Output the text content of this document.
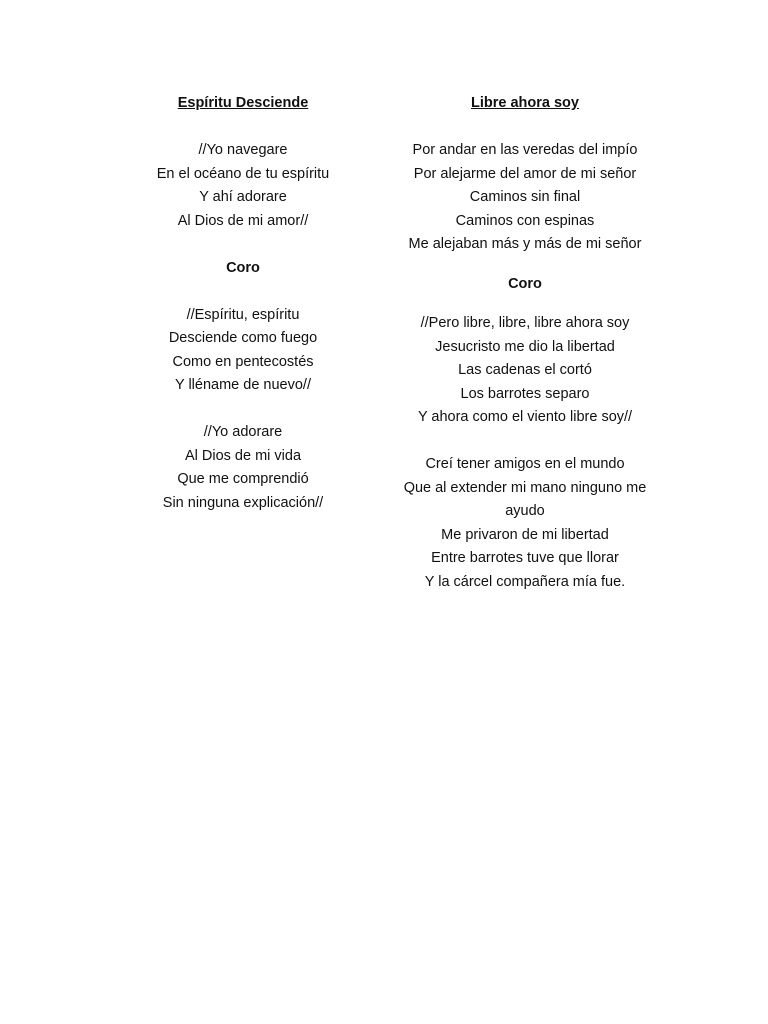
Espíritu Desciende
//Yo navegare
En el océano de tu espíritu
Y ahí adorare
Al Dios de mi amor//
Coro
//Espíritu, espíritu
Desciende como fuego
Como en pentecostés
Y lléname de nuevo//
//Yo adorare
Al Dios de mi vida
Que me comprendió
Sin ninguna explicación//
Libre ahora soy
Por andar en las veredas del impío
Por alejarme del amor de mi señor
Caminos sin final
Caminos con espinas
Me alejaban más y más de mi señor
Coro
//Pero libre, libre, libre ahora soy
Jesucristo me dio la libertad
Las cadenas el cortó
Los barrotes separo
Y ahora como el viento libre soy//
Creí tener amigos en el mundo
Que al extender mi mano ninguno me
ayudo
Me privaron de mi libertad
Entre barrotes tuve que llorar
Y la cárcel compañera mía fue.
